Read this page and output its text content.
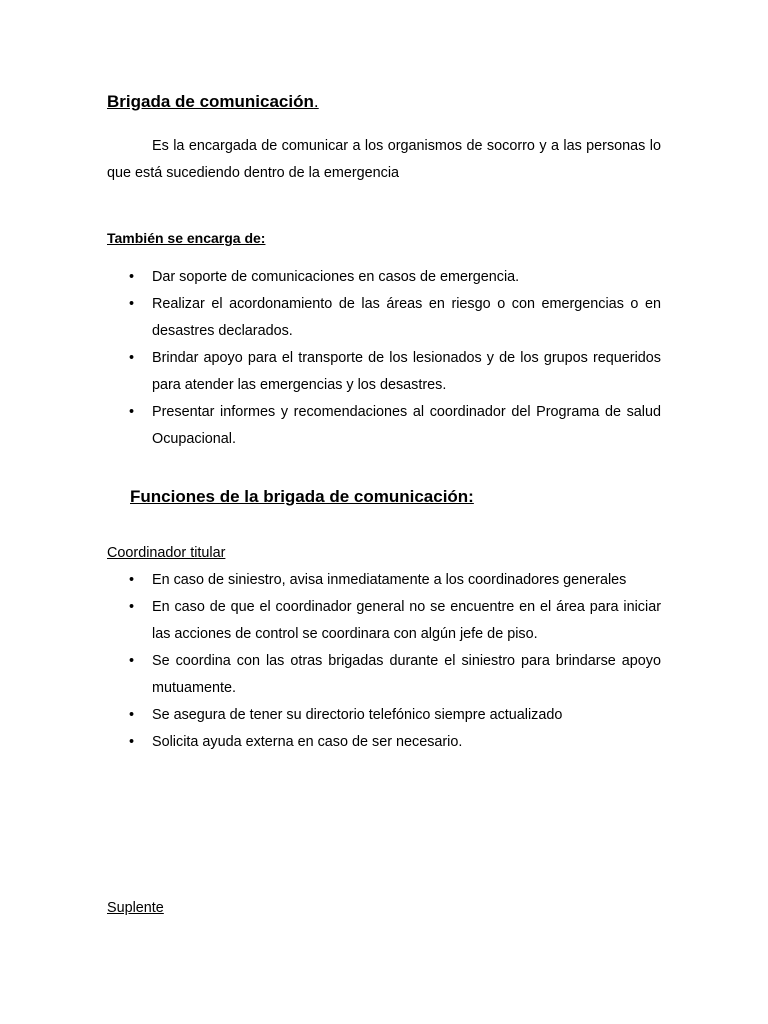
Brigada de comunicación.

Es la encargada de comunicar a los organismos de socorro y a las personas lo que está sucediendo dentro de la emergencia

También se encarga de:

•	Dar soporte de comunicaciones en casos de emergencia.
•	Realizar el acordonamiento de las áreas en riesgo o con emergencias o en desastres declarados.
•	Brindar apoyo para el transporte de los lesionados y de los grupos requeridos para atender las emergencias y los desastres.
•	Presentar informes y recomendaciones al coordinador del Programa de salud Ocupacional.
Funciones de la brigada de comunicación:

Coordinador titular

•	En caso de siniestro, avisa inmediatamente a los coordinadores generales
•	En caso de que el coordinador general no se encuentre en el área para iniciar las acciones de control se coordinara con algún jefe de piso.
•	Se coordina con las otras brigadas durante el siniestro para brindarse apoyo mutuamente.
•	Se asegura de tener su directorio telefónico siempre actualizado
•	Solicita ayuda externa en caso de ser necesario.

Suplente
